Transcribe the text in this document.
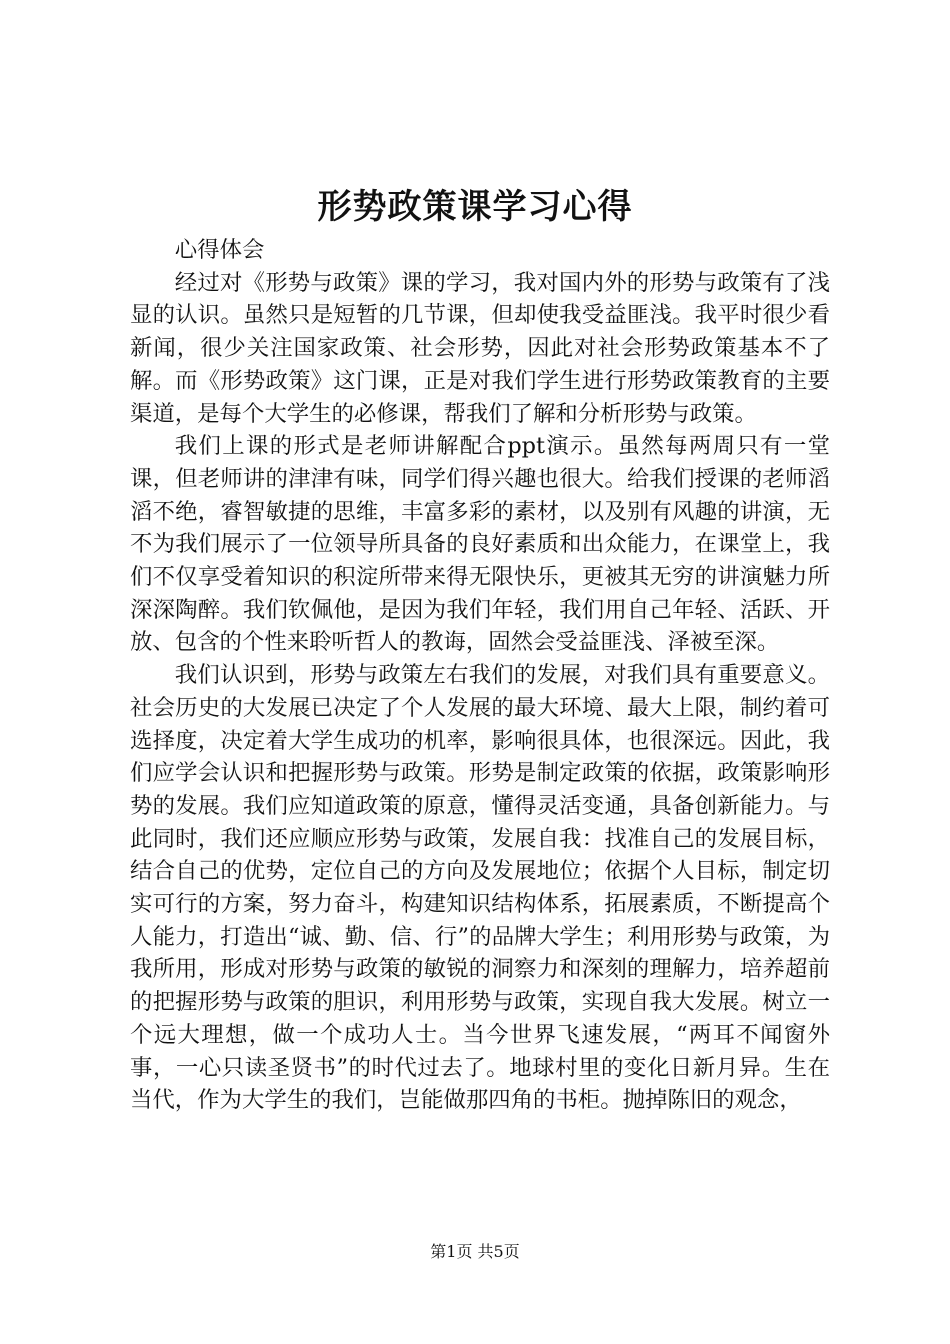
形势政策课学习心得

心得体会

经过对《形势与政策》课的学习，我对国内外的形势与政策有了浅显的认识。虽然只是短暂的几节课，但却使我受益匪浅。我平时很少看新闻，很少关注国家政策、社会形势，因此对社会形势政策基本不了解。而《形势政策》这门课，正是对我们学生进行形势政策教育的主要渠道，是每个大学生的必修课，帮我们了解和分析形势与政策。

我们上课的形式是老师讲解配合ppt演示。虽然每两周只有一堂课，但老师讲的津津有味，同学们得兴趣也很大。给我们授课的老师滔滔不绝，睿智敏捷的思维，丰富多彩的素材，以及别有风趣的讲演，无不为我们展示了一位领导所具备的良好素质和出众能力，在课堂上，我们不仅享受着知识的积淀所带来得无限快乐，更被其无穷的讲演魅力所深深陶醉。我们钦佩他，是因为我们年轻，我们用自己年轻、活跃、开放、包含的个性来聆听哲人的教诲，固然会受益匪浅、泽被至深。

我们认识到，形势与政策左右我们的发展，对我们具有重要意义。社会历史的大发展已决定了个人发展的最大环境、最大上限，制约着可选择度，决定着大学生成功的机率，影响很具体，也很深远。因此，我们应学会认识和把握形势与政策。形势是制定政策的依据，政策影响形势的发展。我们应知道政策的原意，懂得灵活变通，具备创新能力。与此同时，我们还应顺应形势与政策，发展自我：找准自己的发展目标，结合自己的优势，定位自己的方向及发展地位；依据个人目标，制定切实可行的方案，努力奋斗，构建知识结构体系，拓展素质，不断提高个人能力，打造出“诚、勤、信、行”的品牌大学生；利用形势与政策，为我所用，形成对形势与政策的敏锐的洞察力和深刻的理解力，培养超前的把握形势与政策的胆识，利用形势与政策，实现自我大发展。树立一个远大理想，做一个成功人士。当今世界飞速发展，“两耳不闻窗外事，一心只读圣贤书”的时代过去了。地球村里的变化日新月异。生在当代，作为大学生的我们，岂能做那四角的书柜。抛掉陈旧的观念，

第1页 共5页
